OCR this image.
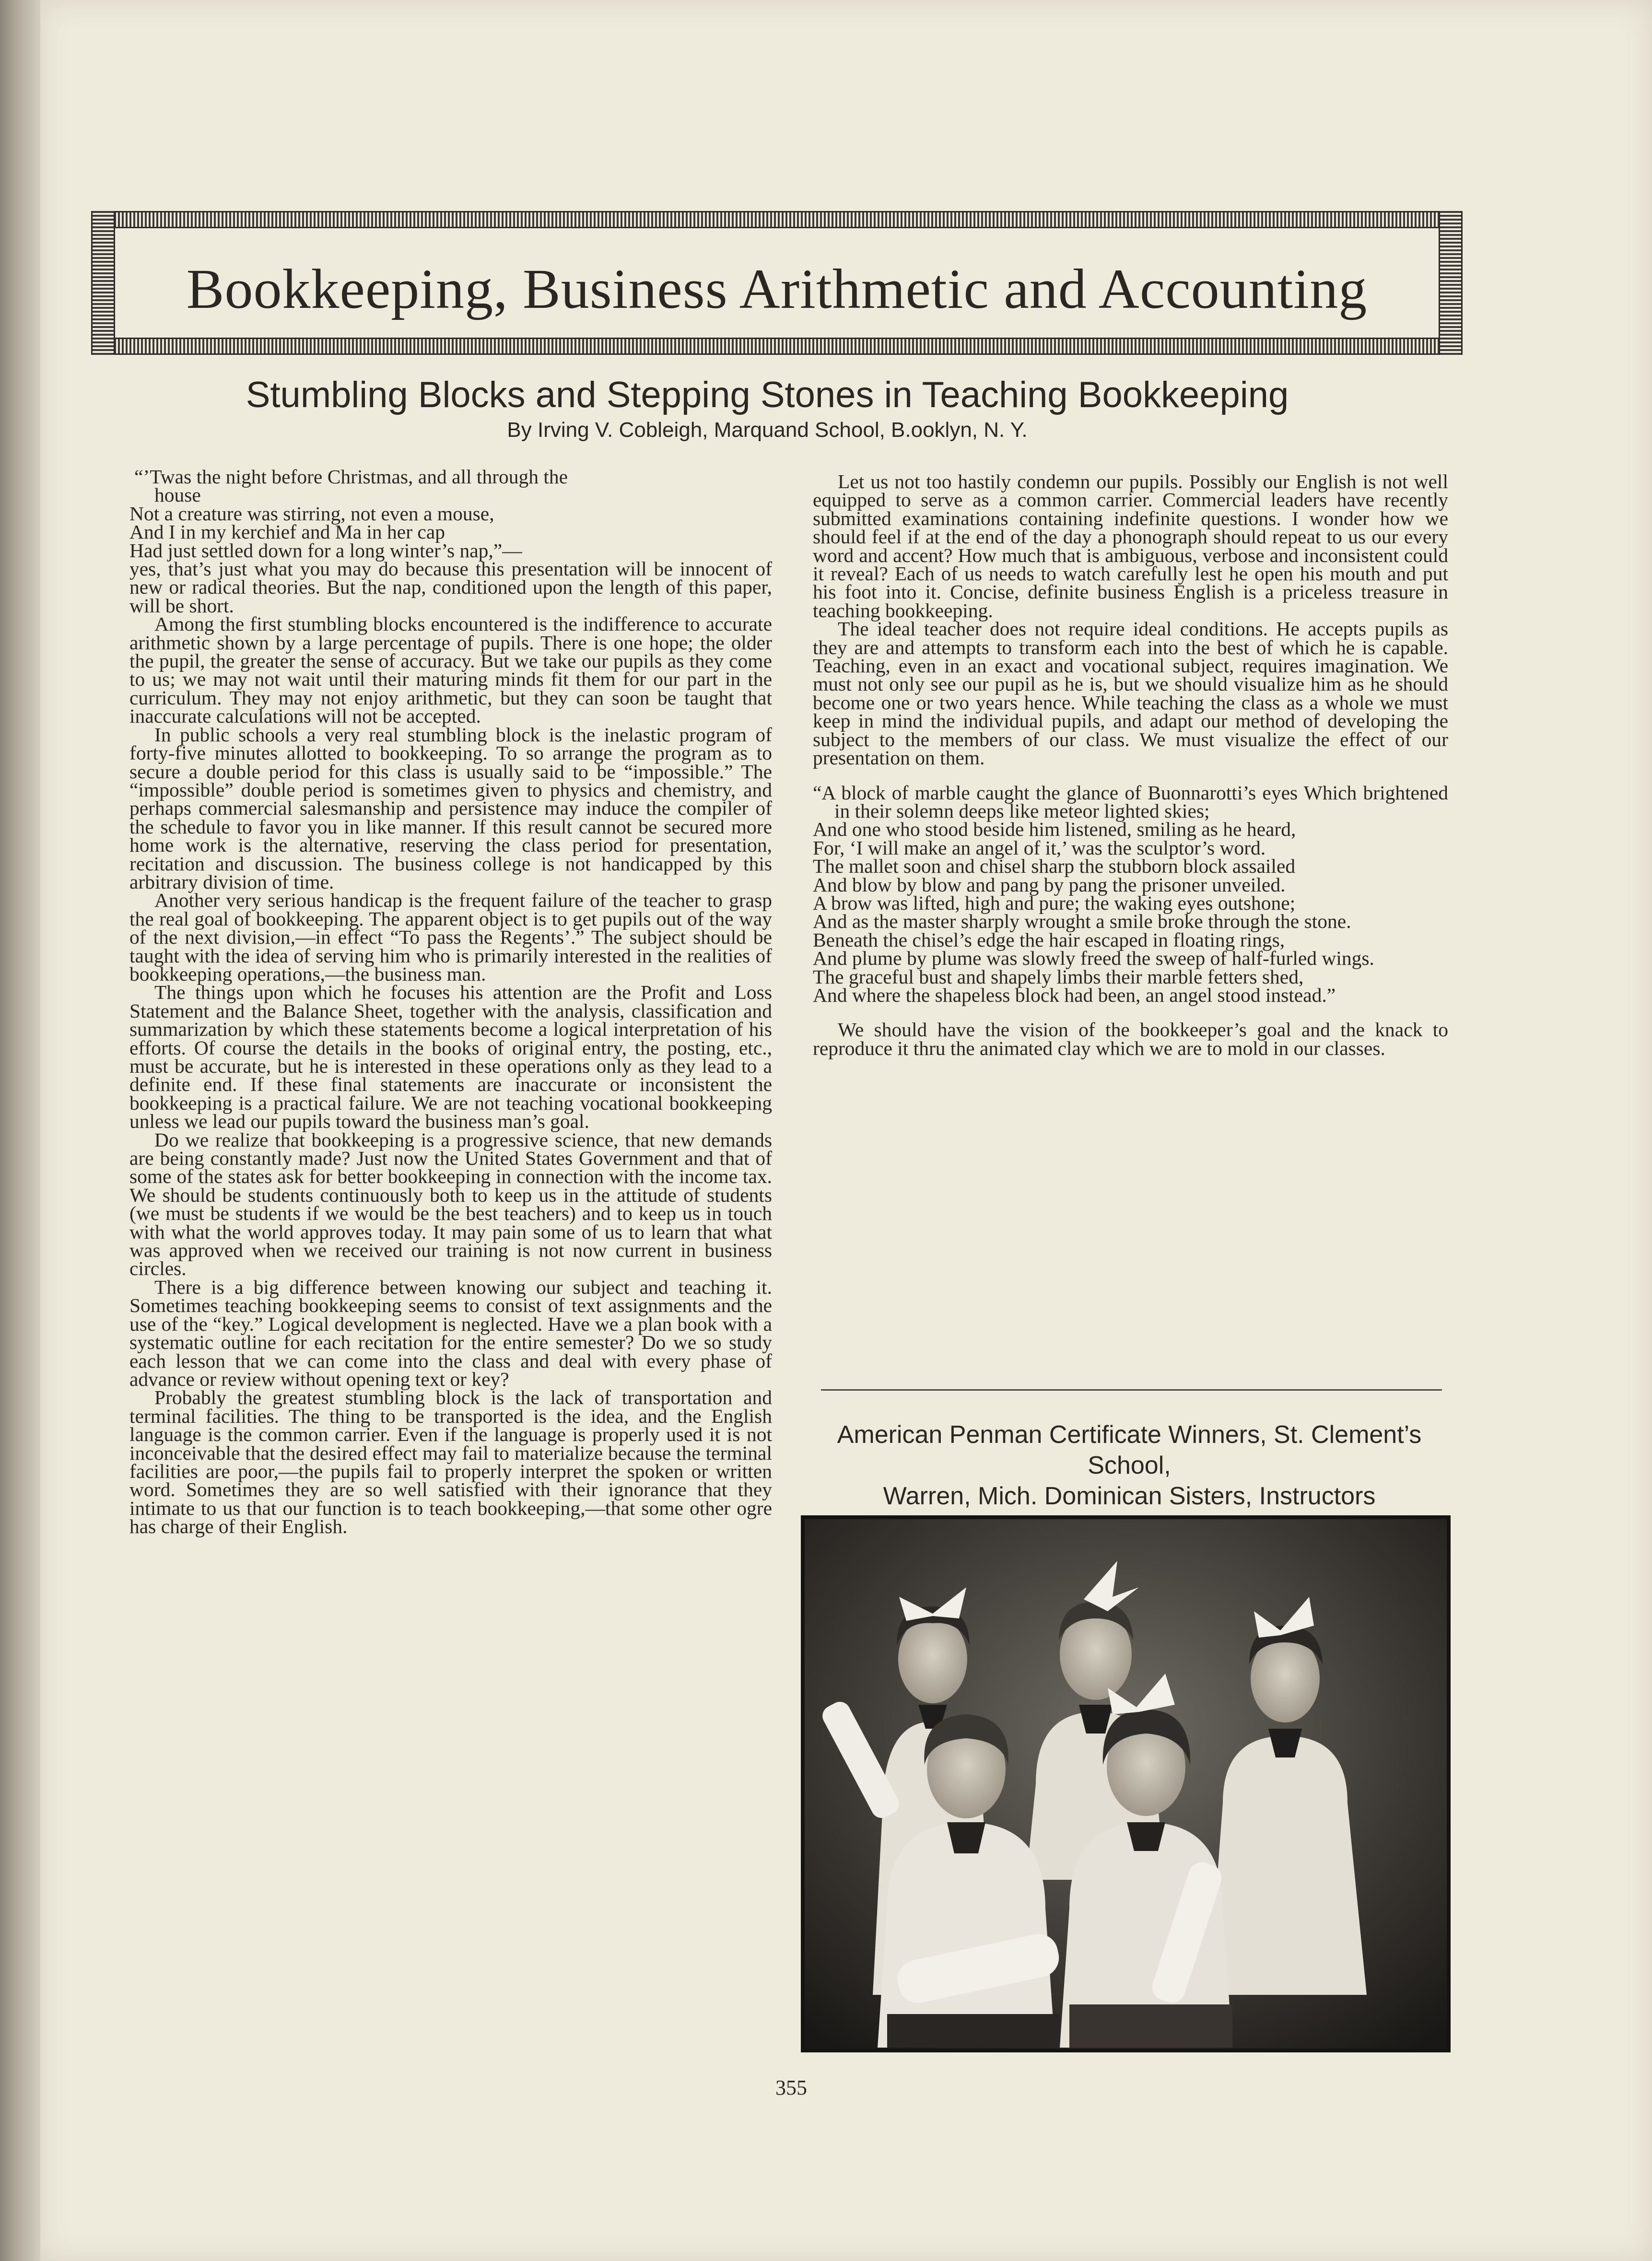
Bookkeeping, Business Arithmetic and Accounting
Stumbling Blocks and Stepping Stones in Teaching Bookkeeping
By Irving V. Cobleigh, Marquand School, B.ooklyn, N. Y.
“’Twas the night before Christmas, and all through the
house
Not a creature was stirring, not even a mouse,
And I in my kerchief and Ma in her cap
Had just settled down for a long winter’s nap,”—

yes, that’s just what you may do because this presentation will be innocent of new or radical theories. But the nap, conditioned upon the length of this paper, will be short.

Among the first stumbling blocks encountered is the indifference to accurate arithmetic shown by a large percentage of pupils. There is one hope; the older the pupil, the greater the sense of accuracy. But we take our pupils as they come to us; we may not wait until their maturing minds fit them for our part in the curriculum. They may not enjoy arithmetic, but they can soon be taught that inaccurate calculations will not be accepted.

In public schools a very real stumbling block is the inelastic program of forty-five minutes allotted to bookkeeping. To so arrange the program as to secure a double period for this class is usually said to be “impossible.” The “impossible” double period is sometimes given to physics and chemistry, and perhaps commercial salesmanship and persistence may induce the compiler of the schedule to favor you in like manner. If this result cannot be secured more home work is the alternative, reserving the class period for presentation, recitation and discussion. The business college is not handicapped by this arbitrary division of time.

Another very serious handicap is the frequent failure of the teacher to grasp the real goal of bookkeeping. The apparent object is to get pupils out of the way of the next division,—in effect “To pass the Regents’.” The subject should be taught with the idea of serving him who is primarily interested in the realities of bookkeeping operations,—the business man.

The things upon which he focuses his attention are the Profit and Loss Statement and the Balance Sheet, together with the analysis, classification and summarization by which these statements become a logical interpretation of his efforts. Of course the details in the books of original entry, the posting, etc., must be accurate, but he is interested in these operations only as they lead to a definite end. If these final statements are inaccurate or inconsistent the bookkeeping is a practical failure. We are not teaching vocational bookkeeping unless we lead our pupils toward the business man’s goal.

Do we realize that bookkeeping is a progressive science, that new demands are being constantly made? Just now the United States Government and that of some of the states ask for better bookkeeping in connection with the income tax. We should be students continuously both to keep us in the attitude of students (we must be students if we would be the best teachers) and to keep us in touch with what the world approves today. It may pain some of us to learn that what was approved when we received our training is not now current in business circles.

There is a big difference between knowing our subject and teaching it. Sometimes teaching bookkeeping seems to consist of text assignments and the use of the “key.” Logical development is neglected. Have we a plan book with a systematic outline for each recitation for the entire semester? Do we so study each lesson that we can come into the class and deal with every phase of advance or review without opening text or key?

Probably the greatest stumbling block is the lack of transportation and terminal facilities. The thing to be transported is the idea, and the English language is the common carrier. Even if the language is properly used it is not inconceivable that the desired effect may fail to materialize because the terminal facilities are poor,—the pupils fail to properly interpret the spoken or written word. Sometimes they are so well satisfied with their ignorance that they intimate to us that our function is to teach bookkeeping,—that some other ogre has charge of their English.

Let us not too hastily condemn our pupils. Possibly our English is not well equipped to serve as a common carrier. Commercial leaders have recently submitted examinations containing indefinite questions. I wonder how we should feel if at the end of the day a phonograph should repeat to us our every word and accent? How much that is ambiguous, verbose and inconsistent could it reveal? Each of us needs to watch carefully lest he open his mouth and put his foot into it. Concise, definite business English is a priceless treasure in teaching bookkeeping.

The ideal teacher does not require ideal conditions. He accepts pupils as they are and attempts to transform each into the best of which he is capable. Teaching, even in an exact and vocational subject, requires imagination. We must not only see our pupil as he is, but we should visualize him as he should become one or two years hence. While teaching the class as a whole we must keep in mind the individual pupils, and adapt our method of developing the subject to the members of our class. We must visualize the effect of our presentation on them.

“A block of marble caught the glance of Buonnarotti’s eyes Which brightened in their solemn deeps like meteor lighted skies;
And one who stood beside him listened, smiling as he heard,
For, ‘I will make an angel of it,’ was the sculptor’s word.
The mallet soon and chisel sharp the stubborn block assailed
And blow by blow and pang by pang the prisoner unveiled.
A brow was lifted, high and pure; the waking eyes outshone;
And as the master sharply wrought a smile broke through the stone.
Beneath the chisel’s edge the hair escaped in floating rings,
And plume by plume was slowly freed the sweep of half-furled wings.
The graceful bust and shapely limbs their marble fetters shed,
And where the shapeless block had been, an angel stood instead.”

We should have the vision of the bookkeeper’s goal and the knack to reproduce it thru the animated clay which we are to mold in our classes.

American Penman Certificate Winners, St. Clement’s School,
Warren, Mich. Dominican Sisters, Instructors
355
